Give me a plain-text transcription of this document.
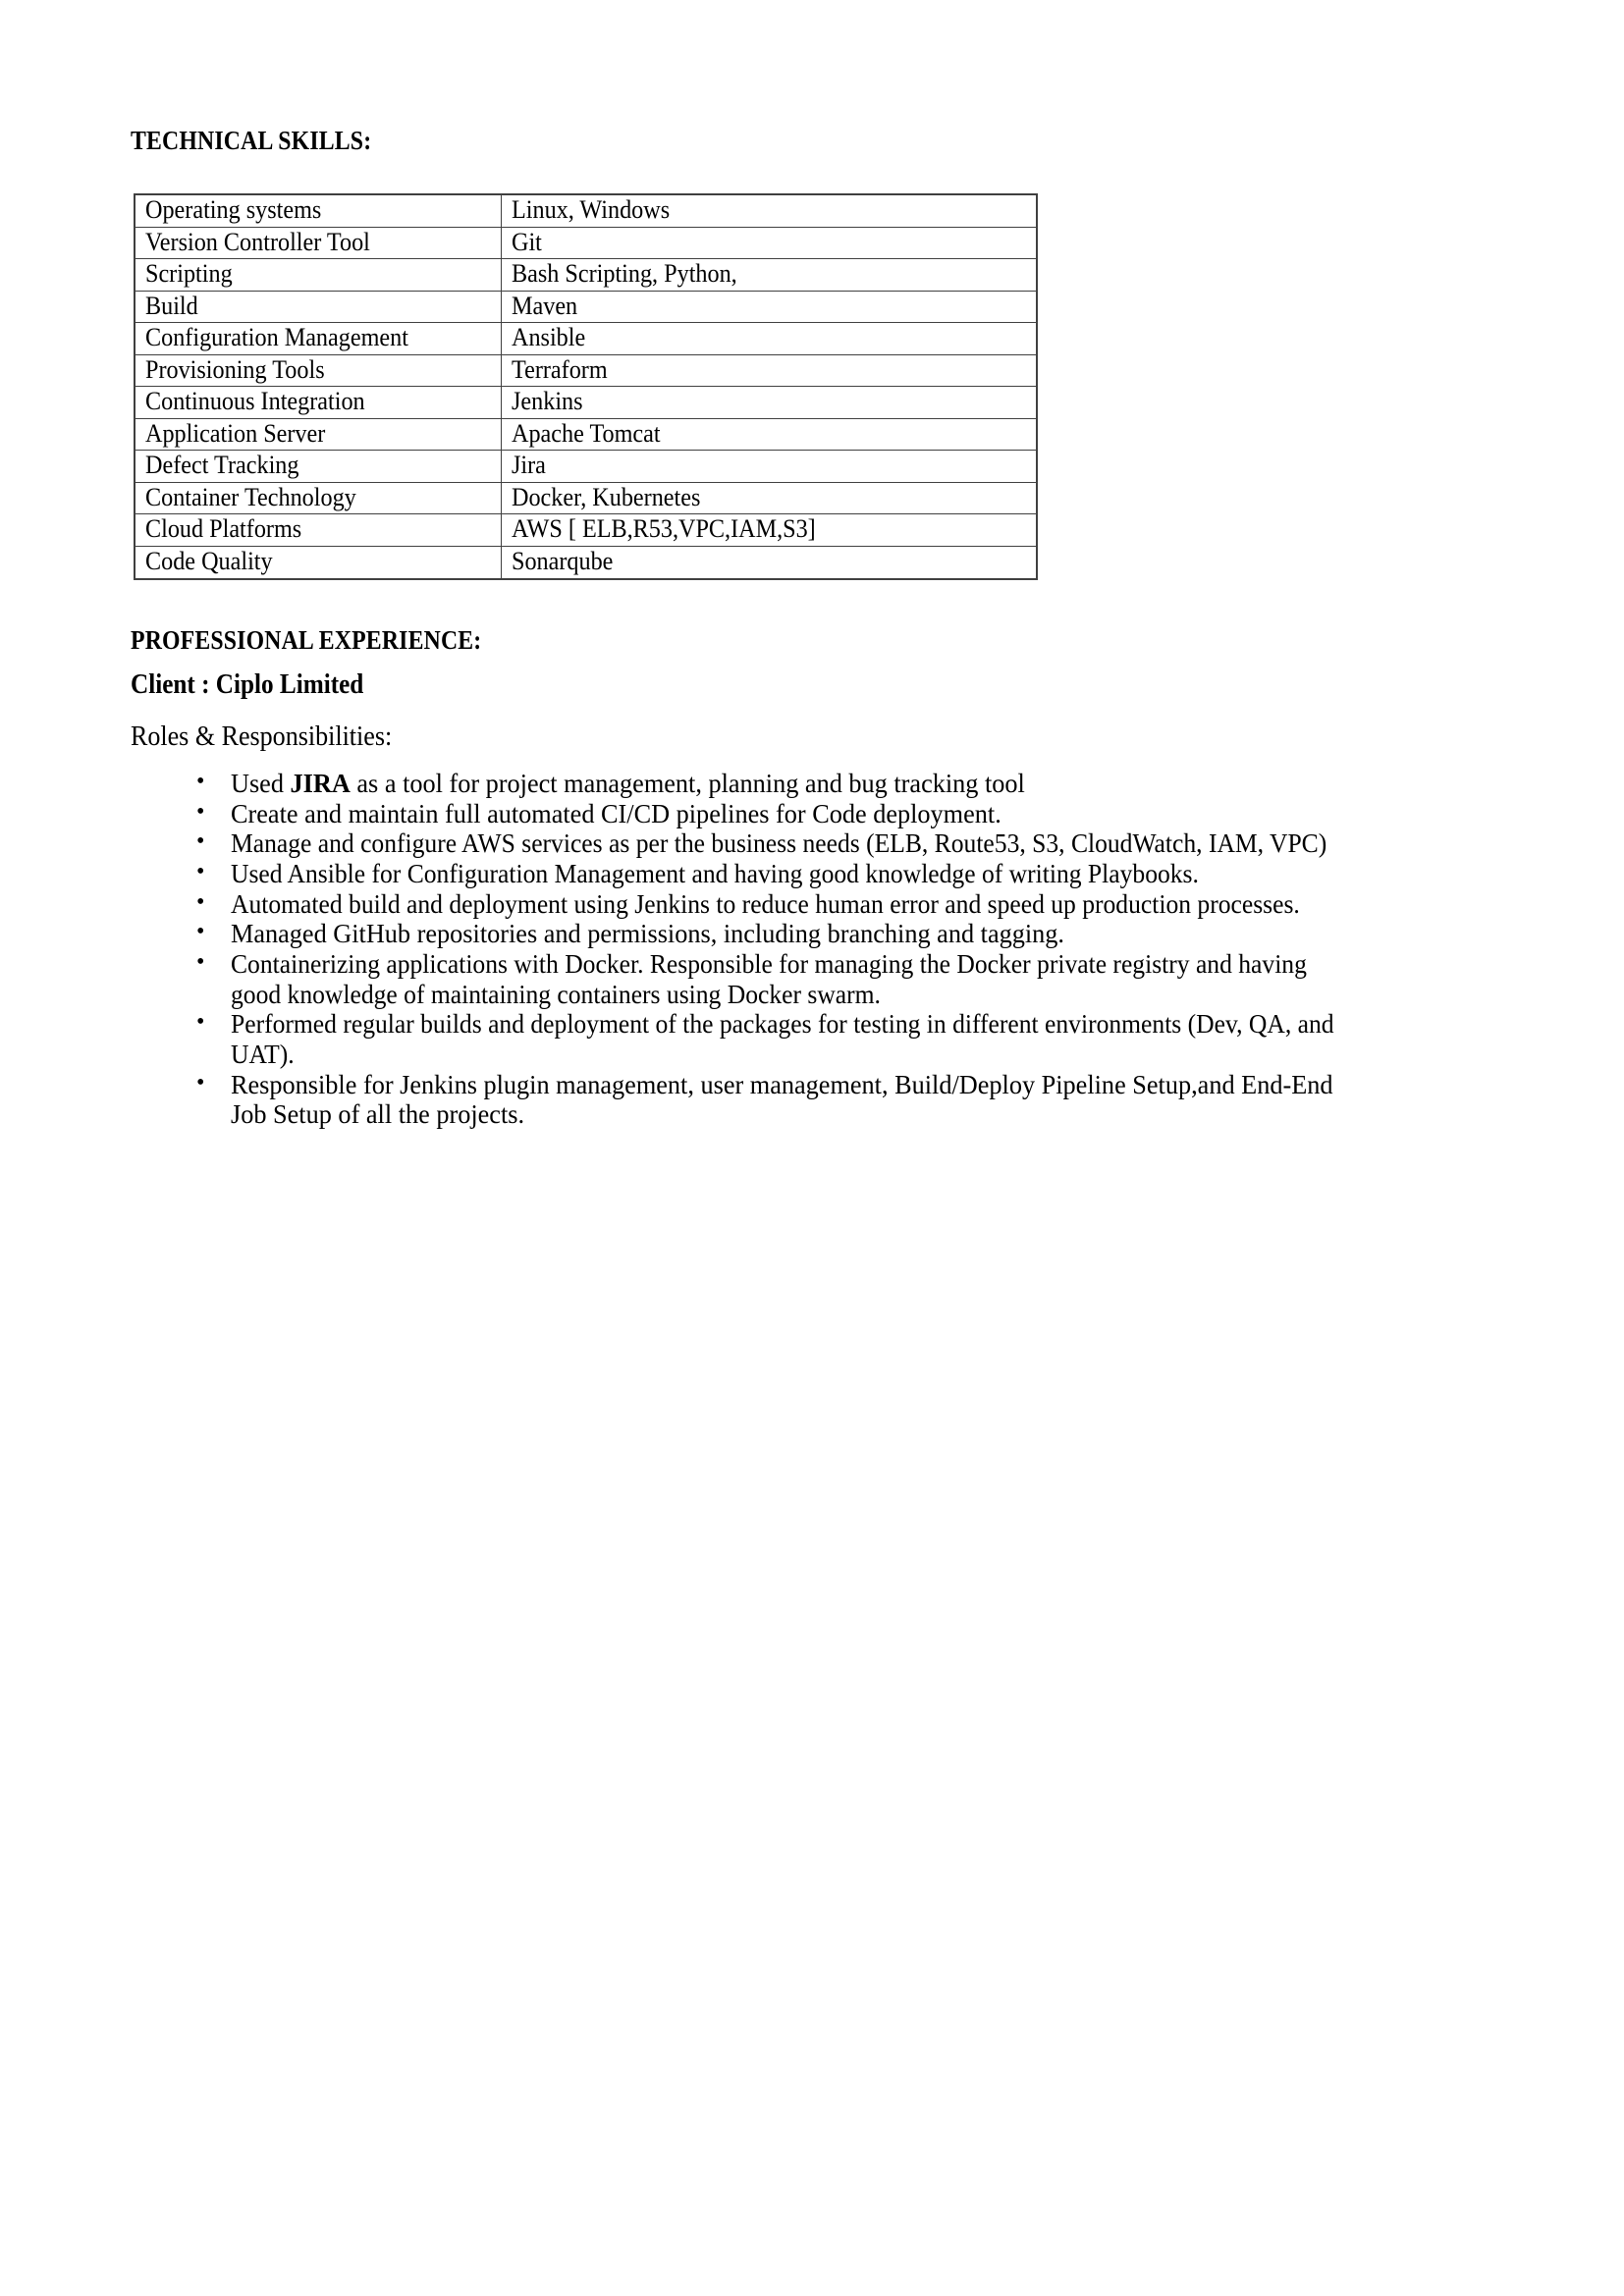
TECHNICAL SKILLS:
Operating systems	Linux, Windows
Version Controller Tool	Git
Scripting	Bash Scripting, Python,
Build	Maven
Configuration Management	Ansible
Provisioning Tools	Terraform
Continuous Integration	Jenkins
Application Server	Apache Tomcat
Defect Tracking	Jira
Container Technology	Docker, Kubernetes
Cloud Platforms	AWS [ ELB,R53,VPC,IAM,S3]
Code Quality	Sonarqube
PROFESSIONAL EXPERIENCE:
Client : Ciplo Limited
Roles & Responsibilities:
• Used JIRA as a tool for project management, planning and bug tracking tool
• Create and maintain full automated CI/CD pipelines for Code deployment.
• Manage and configure AWS services as per the business needs (ELB, Route53, S3, CloudWatch, IAM, VPC)
• Used Ansible for Configuration Management and having good knowledge of writing Playbooks.
• Automated build and deployment using Jenkins to reduce human error and speed up production processes.
• Managed GitHub repositories and permissions, including branching and tagging.
• Containerizing applications with Docker. Responsible for managing the Docker private registry and having good knowledge of maintaining containers using Docker swarm.
• Performed regular builds and deployment of the packages for testing in different environments (Dev, QA, and UAT).
• Responsible for Jenkins plugin management, user management, Build/Deploy Pipeline Setup,and End-End Job Setup of all the projects.
